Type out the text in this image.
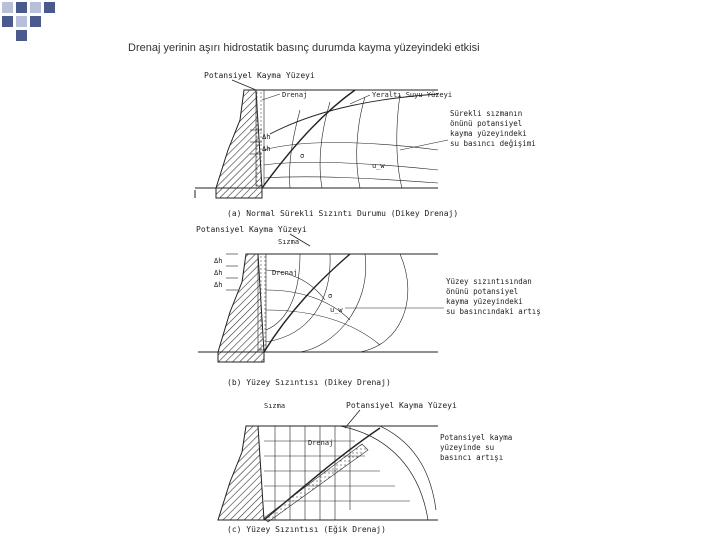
Drenaj yerinin aşırı hidrostatik basınç durumda kayma yüzeyindeki etkisi
Potansiyel Kayma Yüzeyi
Δh
Δh
Drenaj	Yeraltı Suyu Yüzeyi
σ
u_w
Sürekli sızmanın
önünü potansiyel
kayma yüzeyindeki
su basıncı değişimi
(a) Normal Sürekli Sızıntı Durumu (Dikey Drenaj)
Potansiyel Kayma Yüzeyi
Sızma
Δh
Δh
Δh
Drenaj
σ
u_w
Yüzey sızıntısından
önünü potansiyel
kayma yüzeyindeki
su basıncındaki artış
(b) Yüzey Sızıntısı (Dikey Drenaj)
Sızma	Potansiyel Kayma Yüzeyi
Drenaj
Potansiyel kayma
yüzeyinde su
basıncı artışı
(c) Yüzey Sızıntısı (Eğik Drenaj)
